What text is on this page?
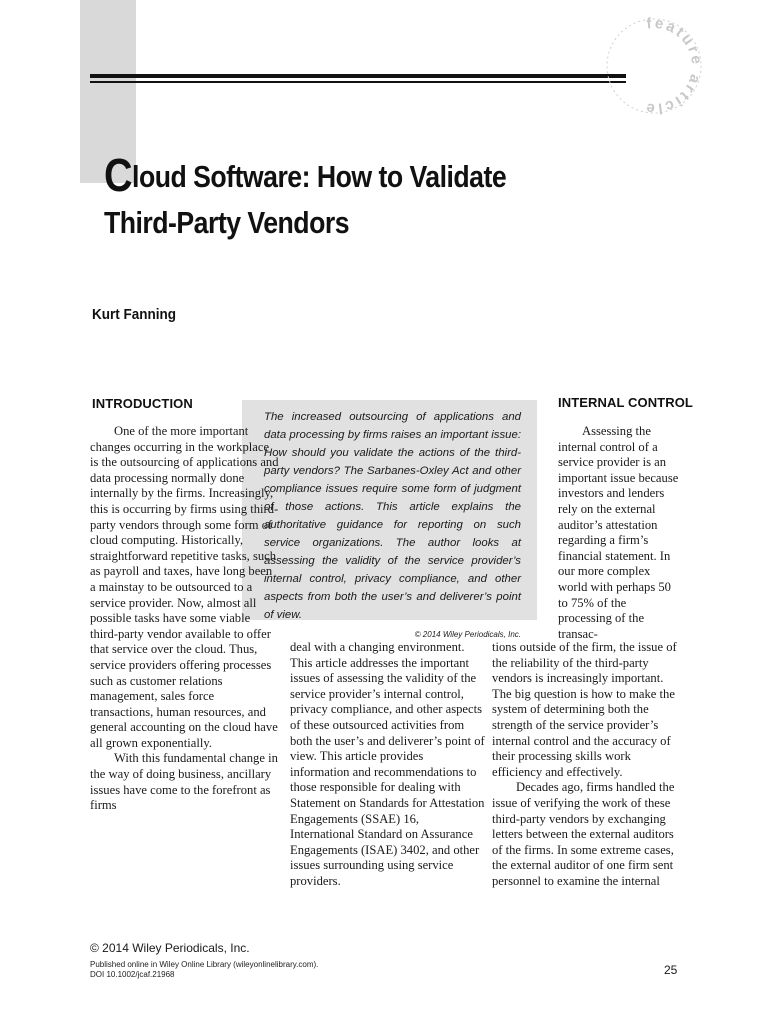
feature article
Cloud Software: How to Validate
Third-Party Vendors

Kurt Fanning

INTRODUCTION	INTERNAL CONTROL

The increased outsourcing of applications and data processing by firms raises an important issue: How should you validate the actions of the third-party vendors? The Sarbanes-Oxley Act and other compliance issues require some form of judgment of those actions. This article explains the authoritative guidance for reporting on such service organizations. The author looks at assessing the validity of the service provider’s internal control, privacy compliance, and other aspects from both the user’s and deliverer’s point of view.

© 2014 Wiley Periodicals, Inc.

One of the more important changes occurring in the workplace is the outsourcing of applications and data processing normally done internally by the firms. Increasingly, this is occurring by firms using third-party vendors through some form of cloud computing. Historically, straightforward repetitive tasks, such as payroll and taxes, have long been a mainstay to be outsourced to a service provider. Now, almost all possible tasks have some viable third-party vendor available to offer that service over the cloud. Thus, service providers offering processes such as customer relations management, sales force transactions, human resources, and general accounting on the cloud have all grown exponentially.
With this fundamental change in the way of doing business, ancillary issues have come to the forefront as firms

deal with a changing environment. This article addresses the important issues of assessing the validity of the service provider’s internal control, privacy compliance, and other aspects of these outsourced activities from both the user’s and deliverer’s point of view. This article provides information and recommendations to those responsible for dealing with Statement on Standards for Attestation Engagements (SSAE) 16, International Standard on Assurance Engagements (ISAE) 3402, and other issues surrounding using service providers.

Assessing the internal control of a service provider is an important issue because investors and lenders rely on the external auditor’s attestation regarding a firm’s financial statement. In our more complex world with perhaps 50 to 75% of the processing of the transac-

tions outside of the firm, the issue of the reliability of the third-party vendors is increasingly important. The big question is how to make the system of determining both the strength of the service provider’s internal control and the accuracy of their processing skills work efficiency and effectively.
Decades ago, firms handled the issue of verifying the work of these third-party vendors by exchanging letters between the external auditors of the firms. In some extreme cases, the external auditor of one firm sent personnel to examine the internal

© 2014 Wiley Periodicals, Inc.

Published online in Wiley Online Library (wileyonlinelibrary.com).

DOI 10.1002/jcaf.21968	25
